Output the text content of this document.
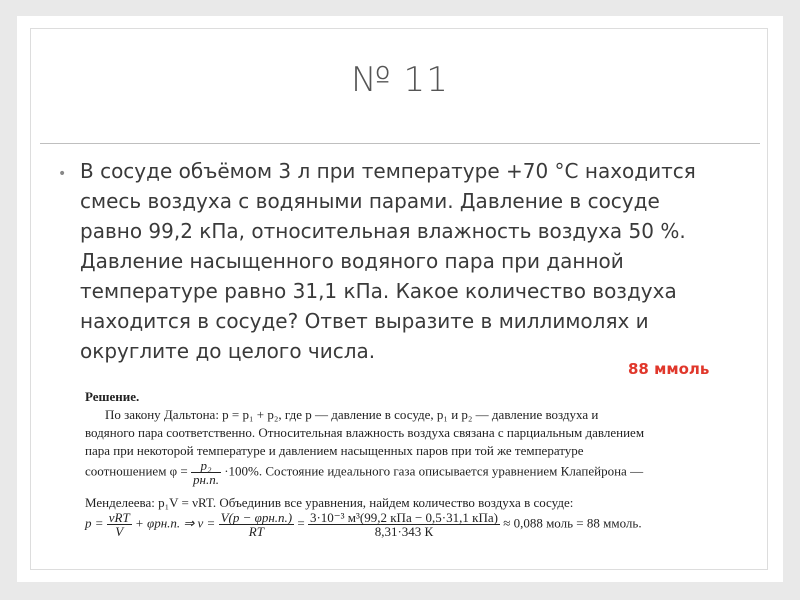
№ 11
• В сосуде объёмом 3 л при температуре +70 °С находится
смесь воздуха с водяными парами. Давление в сосуде
равно 99,2 кПа, относительная влажность воздуха 50 %.
Давление насыщенного водяного пара при данной
температуре равно 31,1 кПа. Какое количество воздуха
находится в сосуде? Ответ выразите в миллимолях и
округлите до целого числа.

88 ммоль
Решение.
По закону Дальтона: p = p₁ + p₂, где p — давление в сосуде, p₁ и p₂ — давление воздуха и
водяного пара соответственно. Относительная влажность воздуха связана с парциальным давлением
пара при некоторой температуре и давлением насыщенных паров при той же температуре
соотношением $\varphi = \frac{\text{p₂}}{pн.п.} \cdot 100\%$. Состояние идеального газа описывается уравнением Клапейрона —
Менделеева: p₁V = νRT. Объединив все уравнения, найдем количество воздуха в сосуде:
$p = \frac{\text{νRT}}{V} + \varphi pн.п$. ⇒ $\nu = \frac{\text{V(p − φpн.п.)}}{RT} = \frac{\text{3·10⁻³ м³(99,2 кПа − 0,5·31,1 кПа)}}{8,31\cdot 343 К} \approx 0,088$ моль = 88 ммоль.
